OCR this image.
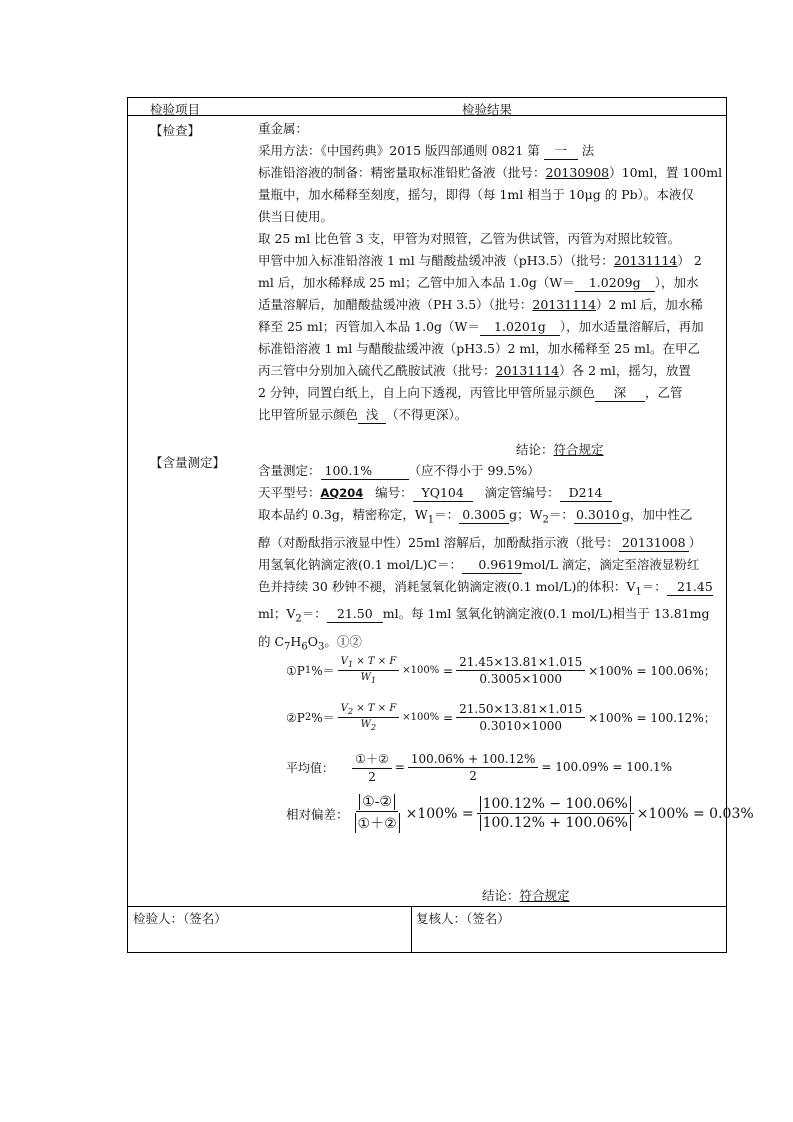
检验项目	检验结果
【检查】	重金属：
采用方法：《中国药典》2015 版四部通则 0821 第 一 法
标准铅溶液的制备：精密量取标准铅贮备液（批号：20130908）10ml，置 100ml
量瓶中，加水稀释至刻度，摇匀，即得（每 1ml 相当于 10μg 的 Pb）。本液仅
供当日使用。
取 25 ml 比色管 3 支，甲管为对照管，乙管为供试管，丙管为对照比较管。
甲管中加入标准铅溶液 1 ml 与醋酸盐缓冲液（pH3.5）（批号：20131114） 2
ml 后，加水稀释成 25 ml；乙管中加入本品 1.0g（W＝ 1.0209g ），加水
适量溶解后，加醋酸盐缓冲液（PH 3.5）（批号：20131114）2 ml 后，加水稀
释至 25 ml；丙管加入本品 1.0g（W＝ 1.0201g ），加水适量溶解后，再加
标准铅溶液 1 ml 与醋酸盐缓冲液（pH3.5）2 ml，加水稀释至 25 ml。在甲乙
丙三管中分别加入硫代乙酰胺试液（批号：20131114）各 2 ml，摇匀，放置
2 分钟，同置白纸上，自上向下透视，丙管比甲管所显示颜色 深 ，乙管
比甲管所显示颜色 浅 （不得更深）。
结论：符合规定
【含量测定】
含量测定： 100.1%	（应不得小于 99.5%）
天平型号：AQ204 编号： YQ104 滴定管编号： D214
取本品约 0.3g，精密称定，$W_1=$： 0.3005 g；$W_2=$： 0.3010 g，加中性乙
醇（对酚酞指示液显中性）25ml 溶解后，加酚酞指示液（批号： 20131008 ）
用氢氧化钠滴定液(0.1 mol/L)C＝： 0.9619mol/L 滴定，滴定至溶液显粉红
色并持续 30 秒钟不褪，消耗氢氧化钠滴定液(0.1 mol/L)的体积：$V_1=$： 21.45
ml；$V_2=$： 21.50 ml。每 1ml 氢氧化钠滴定液(0.1 mol/L)相当于 13.81mg
的 $C_7H_6O_3$。①②
①P 1 %＝ $\frac{V_1 \times T \times F}{W_1} \times 100\% = \frac{21.45\times 13.81\times 1.015}{0.3005\times 1000} \times 100\% = 100.06\%$ ；
②P 2 %＝ $\frac{V_2 \times T \times F}{W_2} \times 100\% = \frac{21.50\times 13.81\times 1.015}{0.3010\times 1000} \times 100\% = 100.12\%$ ；
平均值：
$\frac{\text{①＋②}}{2} = \frac{100.06\% + 100.12\%}{2} = 100.09\% = 100.1\%$
相对偏差： $\frac{\text{①-②}}{\text{①＋②}} \times 100\% = \frac{100.12\% - 100.06\%}{100.12\% + 100.06\%} \times 100\% = 0.03\%$
结论：符合规定
检验人：（签名）	复核人：（签名）
